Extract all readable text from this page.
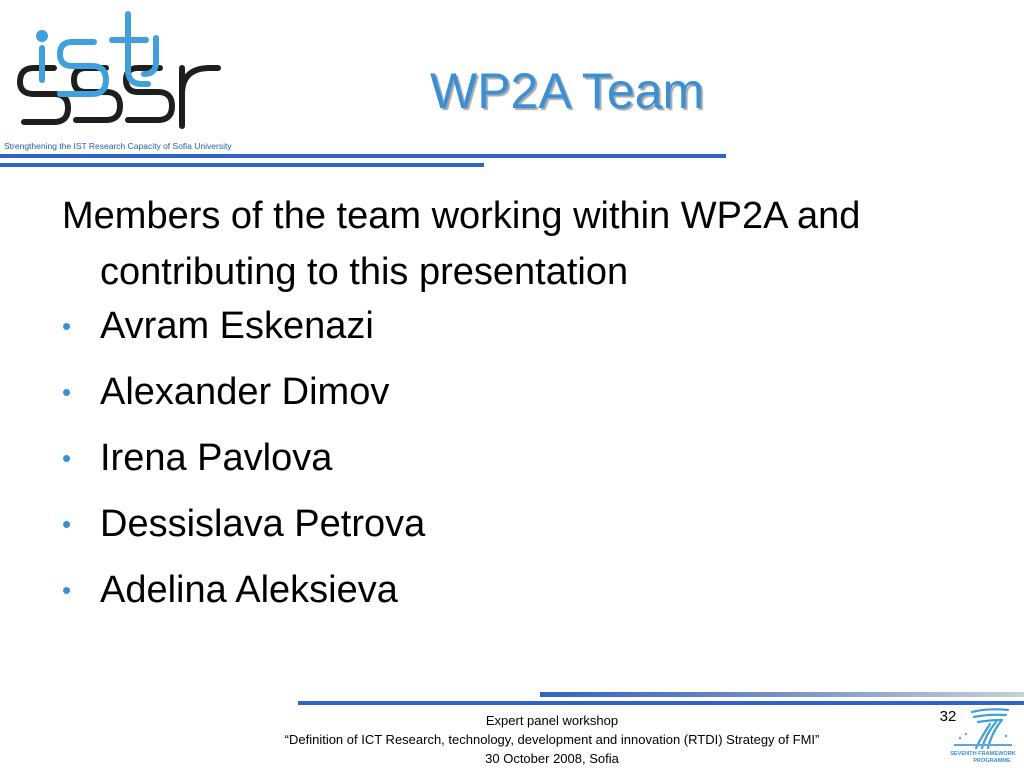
Strengthening the IST Research Capacity of Sofia University
WP2A Team

Members of the team working within WP2A and contributing to this presentation

• Avram Eskenazi
• Alexander Dimov
• Irena Pavlova
• Dessislava Petrova
• Adelina Aleksieva
Expert panel workshop
“Definition of ICT Research, technology, development and innovation (RTDI) Strategy of FMI”
30 October 2008, Sofia
32
SEVENTH FRAMEWORK
PROGRAMME
